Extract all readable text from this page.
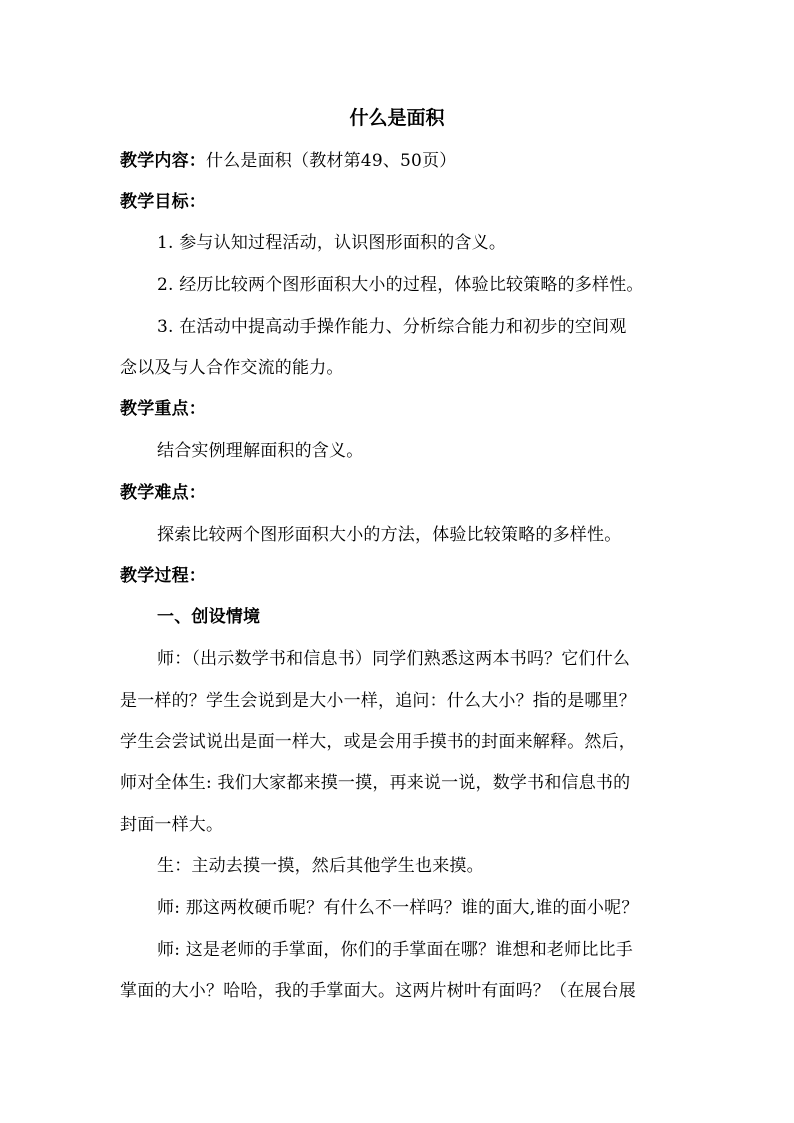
什么是面积
教学内容：什么是面积（教材第49、50页）
教学目标：
1. 参与认知过程活动，认识图形面积的含义。
2. 经历比较两个图形面积大小的过程，体验比较策略的多样性。
3. 在活动中提高动手操作能力、分析综合能力和初步的空间观
念以及与人合作交流的能力。
教学重点：
结合实例理解面积的含义。
教学难点：
探索比较两个图形面积大小的方法，体验比较策略的多样性。
教学过程：
一、创设情境
师：（出示数学书和信息书）同学们熟悉这两本书吗？它们什么
是一样的？学生会说到是大小一样，追问：什么大小？指的是哪里？
学生会尝试说出是面一样大，或是会用手摸书的封面来解释。然后，
师对全体生: 我们大家都来摸一摸，再来说一说，数学书和信息书的
封面一样大。
生：主动去摸一摸，然后其他学生也来摸。
师: 那这两枚硬币呢？有什么不一样吗？谁的面大,谁的面小呢？
师: 这是老师的手掌面，你们的手掌面在哪？谁想和老师比比手
掌面的大小？哈哈，我的手掌面大。这两片树叶有面吗？（在展台展
